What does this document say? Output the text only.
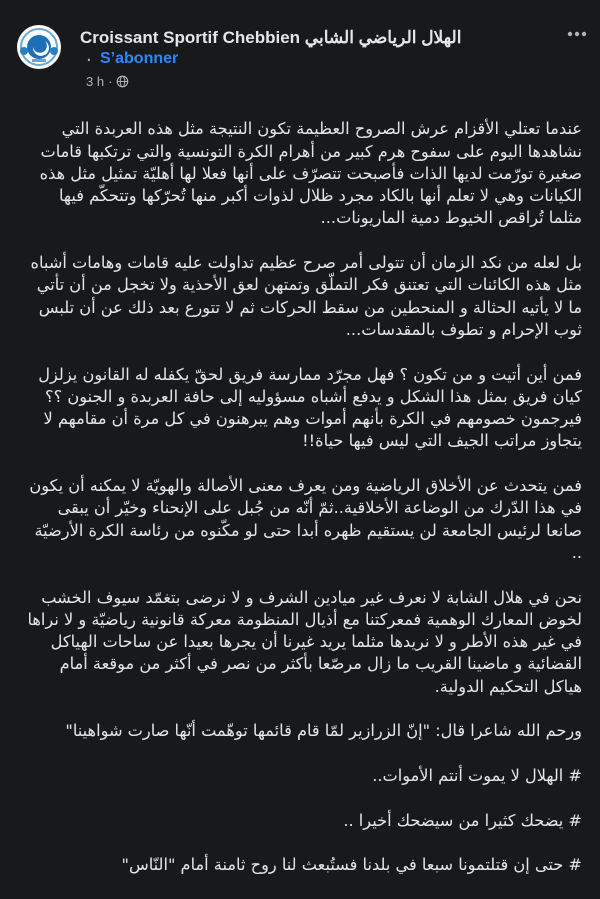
Croissant Sportif Chebbien الهلال الرياضي الشابي
· S’abonner
3 h ·

عندما تعتلي الأقزام عرش الصروح العظيمة تكون النتيجة مثل هذه العربدة التي نشاهدها اليوم على سفوح هرم كبير من أهرام الكرة التونسية والتي ترتكبها قامات صغيرة تورّمت لديها الذات فأصبحت تتصرّف على أنها فعلا لها أهليّة تمثيل مثل هذه الكيانات وهي لا تعلم أنها بالكاد مجرد ظلال لذوات أكبر منها تُحرّكها وتتحكّم فيها مثلما تُراقص الخيوط دمية الماريونات...

بل لعله من نكد الزمان أن تتولى أمر صرح عظيم تداولت عليه قامات وهامات أشباه مثل هذه الكائنات التي تعتنق فكر التملّق وتمتهن لعق الأحذية ولا تخجل من أن تأتي ما لا يأتيه الحثالة و المنحطين من سقط الحركات ثم لا تتورع بعد ذلك عن أن تلبس ثوب الإحرام و تطوف بالمقدسات...

فمن أين أتيت و من تكون ؟ فهل مجرّد ممارسة فريق لحقّ يكفله له القانون يزلزل كيان فريق بمثل هذا الشكل و يدفع أشباه مسؤوليه إلى حافة العربدة و الجنون ؟؟ فيرجمون خصومهم في الكرة بأنهم أموات وهم يبرهنون في كل مرة أن مقامهم لا يتجاوز مراتب الجيف التي ليس فيها حياة!!

فمن يتحدث عن الأخلاق الرياضية ومن يعرف معنى الأصالة والهويّة لا يمكنه أن يكون في هذا الدّرك من الوضاعة الأخلاقية..ثمّ أنّه من جُبل على الإنحناء وخيّر أن يبقى صانعا لرئيس الجامعة لن يستقيم ظهره أبدا حتى لو مكّنوه من رئاسة الكرة الأرضيّة ..

نحن في هلال الشابة لا نعرف غير ميادين الشرف و لا نرضى بتغمّد سيوف الخشب لخوض المعارك الوهمية فمعركتنا مع أذيال المنظومة معركة قانونية رياضيّة و لا نراها في غير هذه الأطر و لا نريدها مثلما يريد غيرنا أن يجرها بعيدا عن ساحات الهياكل القضائية و ماضينا القريب ما زال مرصّعا بأكثر من نصر في أكثر من موقعة أمام هياكل التحكيم الدولية.

ورحم الله شاعرا قال: "إنّ الزرازير لمّا قام قائمها توهّمت أنّها صارت شواهينا"

# الهلال لا يموت أنتم الأموات..

# يضحك كثيرا من سيضحك أخيرا ..

# حتى إن قتلتمونا سبعا في بلدنا فستُبعث لنا روح ثامنة أمام "النّاس"
